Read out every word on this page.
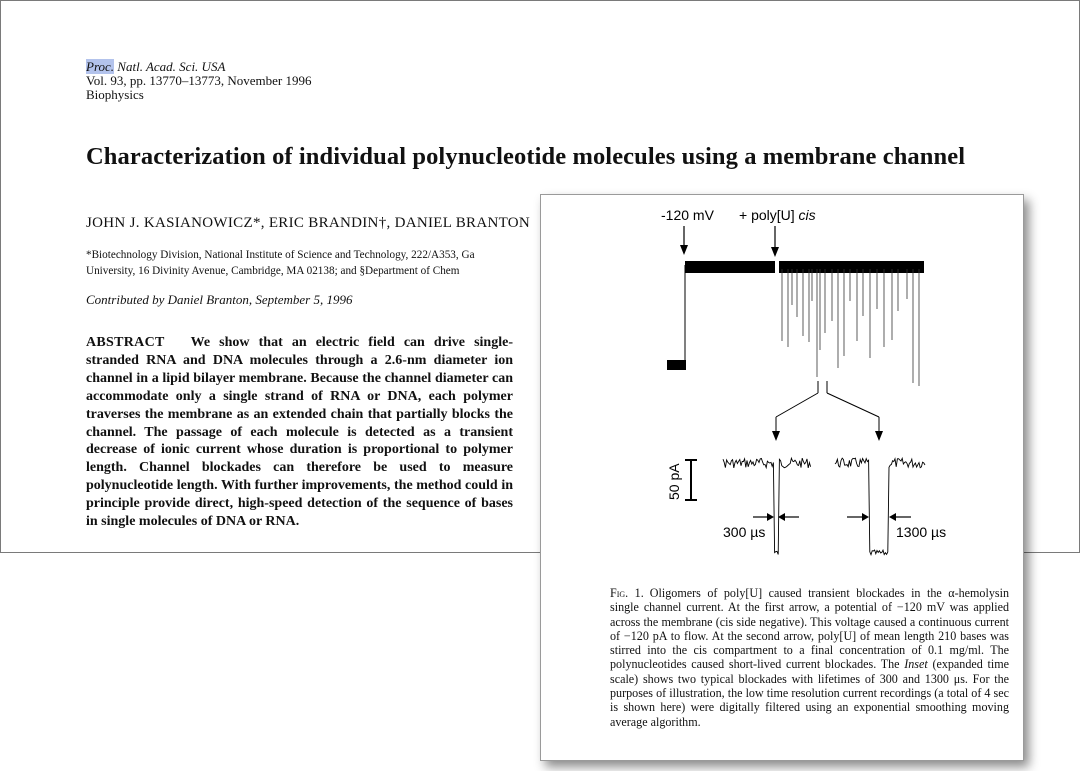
Proc. Natl. Acad. Sci. USA
Vol. 93, pp. 13770–13773, November 1996
Biophysics
Characterization of individual polynucleotide molecules using a membrane channel
JOHN J. KASIANOWICZ*, ERIC BRANDIN†, DANIEL BRANTON
*Biotechnology Division, National Institute of Science and Technology, 222/A353, Ga
University, 16 Divinity Avenue, Cambridge, MA 02138; and §Department of Chem
Contributed by Daniel Branton, September 5, 1996
ABSTRACT We show that an electric field can drive single-stranded RNA and DNA molecules through a 2.6-nm diameter ion channel in a lipid bilayer membrane. Because the channel diameter can accommodate only a single strand of RNA or DNA, each polymer traverses the membrane as an extended chain that partially blocks the channel. The passage of each molecule is detected as a transient decrease of ionic current whose duration is proportional to polymer length. Channel blockades can therefore be used to measure polynucleotide length. With further improvements, the method could in principle provide direct, high-speed detection of the sequence of bases in single molecules of DNA or RNA.
-120 mV + poly[U] cis
50 pA
300 µs	1300 µs
Fig. 1. Oligomers of poly[U] caused transient blockades in the α-hemolysin single channel current. At the first arrow, a potential of −120 mV was applied across the membrane (cis side negative). This voltage caused a continuous current of −120 pA to flow. At the second arrow, poly[U] of mean length 210 bases was stirred into the cis compartment to a final concentration of 0.1 mg/ml. The polynucleotides caused short-lived current blockades. The Inset (expanded time scale) shows two typical blockades with lifetimes of 300 and 1300 μs. For the purposes of illustration, the low time resolution current recordings (a total of 4 sec is shown here) were digitally filtered using an exponential smoothing moving average algorithm.
